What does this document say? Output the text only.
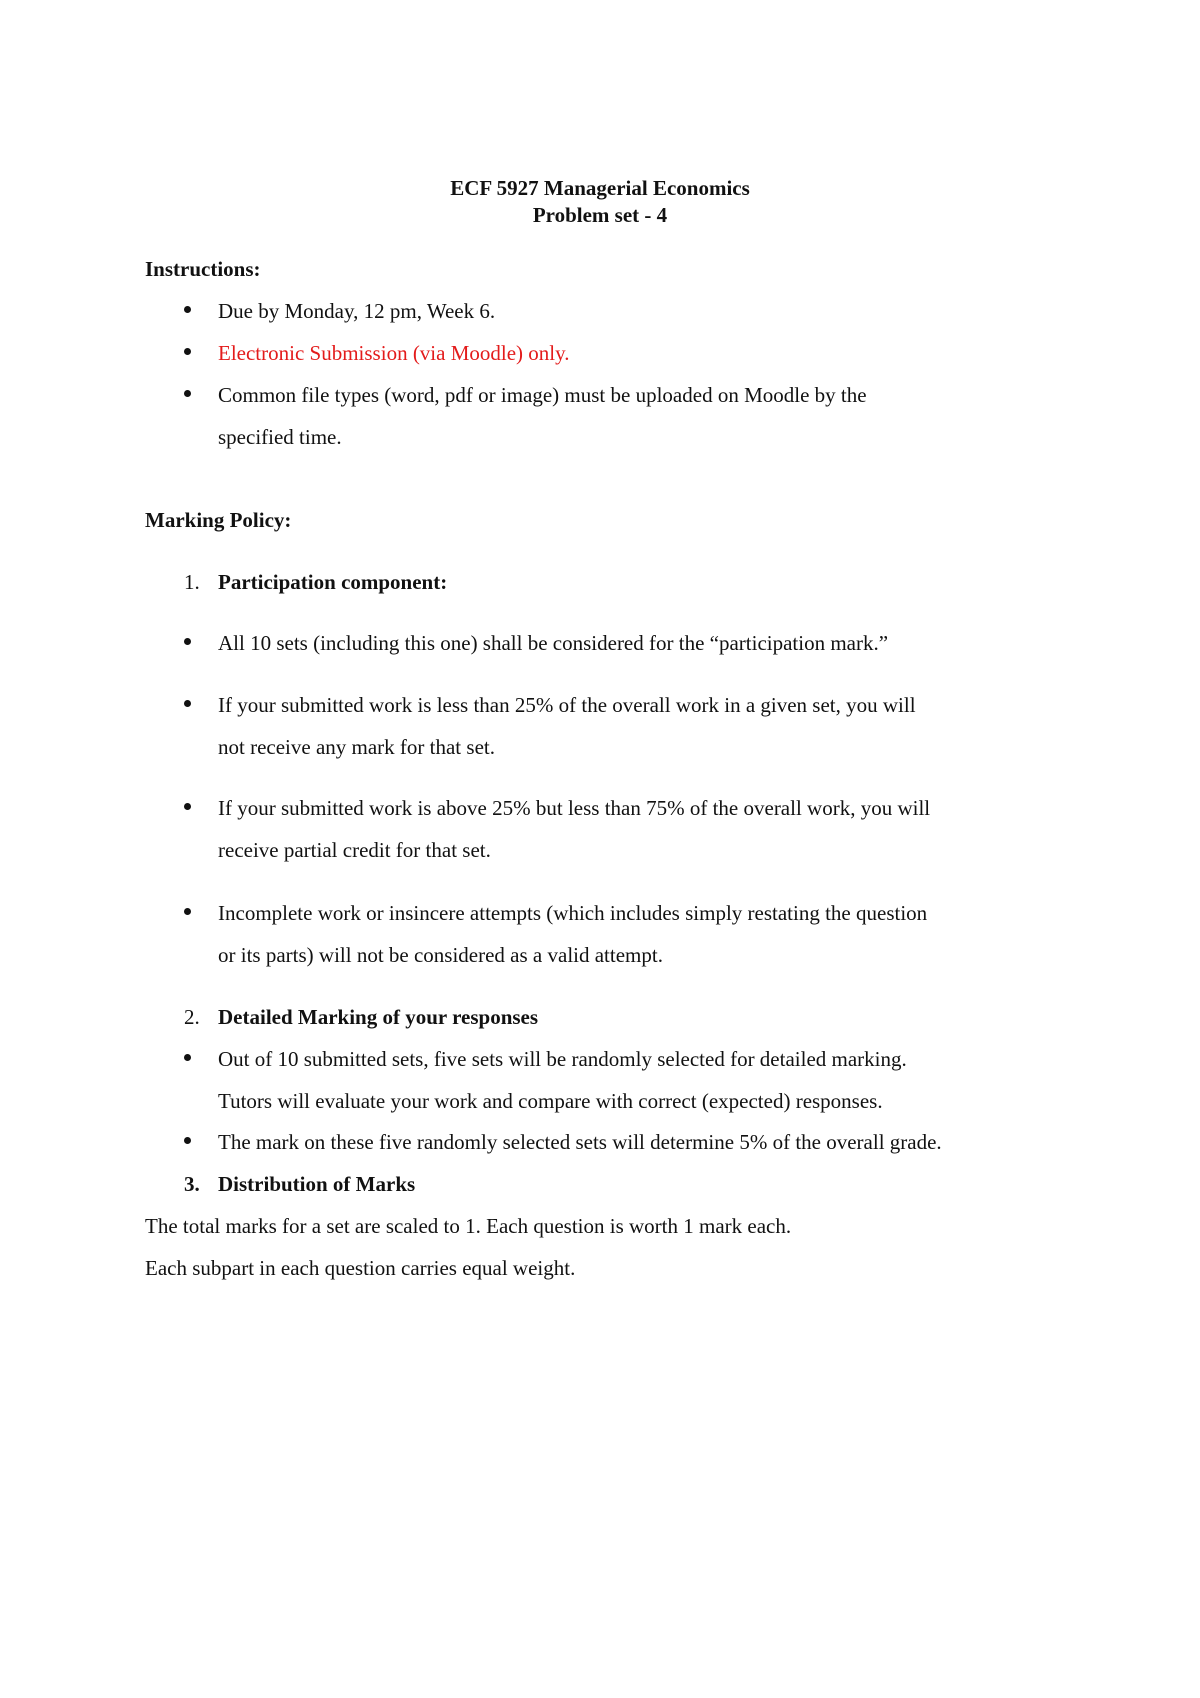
ECF 5927 Managerial Economics
Problem set - 4
Instructions:
Due by Monday, 12 pm, Week 6.
Electronic Submission (via Moodle) only.
Common file types (word, pdf or image) must be uploaded on Moodle by the
specified time.
Marking Policy:
1. Participation component:
All 10 sets (including this one) shall be considered for the “participation mark.”
If your submitted work is less than 25% of the overall work in a given set, you will
not receive any mark for that set.
If your submitted work is above 25% but less than 75% of the overall work, you will
receive partial credit for that set.
Incomplete work or insincere attempts (which includes simply restating the question
or its parts) will not be considered as a valid attempt.
2. Detailed Marking of your responses
Out of 10 submitted sets, five sets will be randomly selected for detailed marking.
Tutors will evaluate your work and compare with correct (expected) responses.
The mark on these five randomly selected sets will determine 5% of the overall grade.
3. Distribution of Marks
The total marks for a set are scaled to 1. Each question is worth 1 mark each.
Each subpart in each question carries equal weight.
